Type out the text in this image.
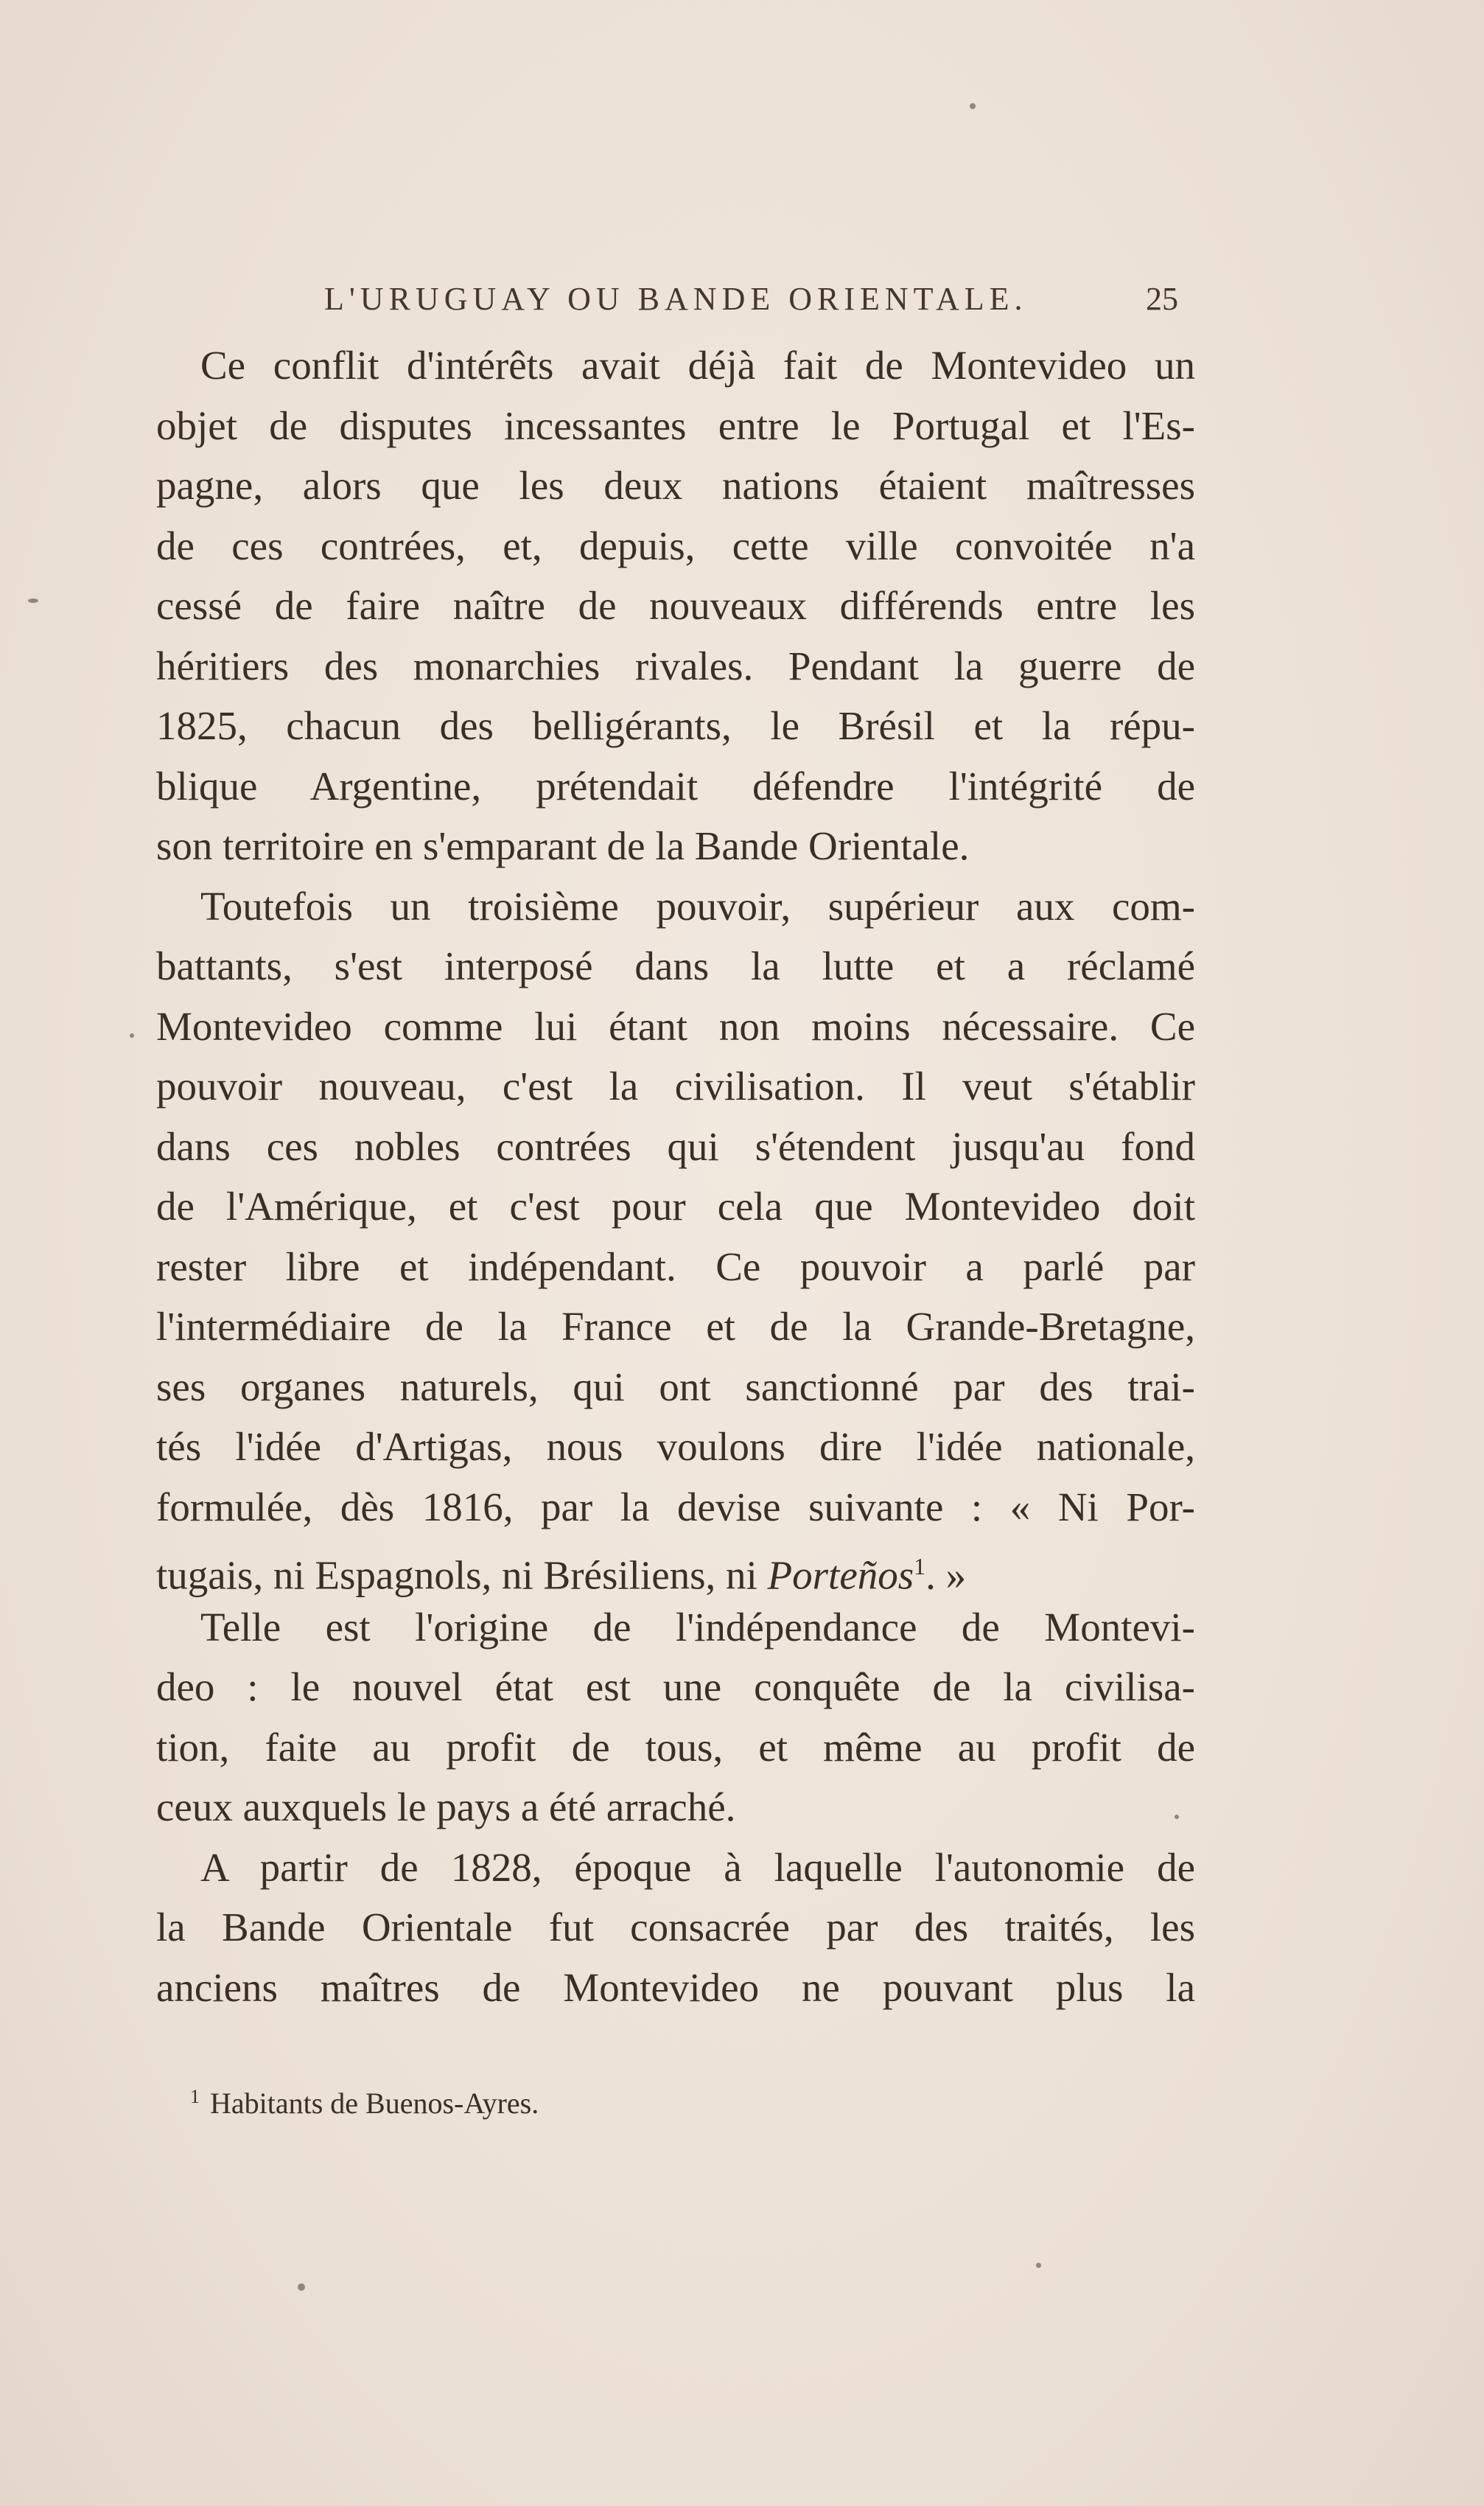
L'URUGUAY OU BANDE ORIENTALE.	25
Ce conflit d'intérêts avait déjà fait de Montevideo un
objet de disputes incessantes entre le Portugal et l'Es-
pagne, alors que les deux nations étaient maîtresses
de ces contrées, et, depuis, cette ville convoitée n'a
cessé de faire naître de nouveaux différends entre les
héritiers des monarchies rivales. Pendant la guerre de
1825, chacun des belligérants, le Brésil et la répu-
blique Argentine, prétendait défendre l'intégrité de
son territoire en s'emparant de la Bande Orientale.
Toutefois un troisième pouvoir, supérieur aux com-
battants, s'est interposé dans la lutte et a réclamé
Montevideo comme lui étant non moins nécessaire. Ce
pouvoir nouveau, c'est la civilisation. Il veut s'établir
dans ces nobles contrées qui s'étendent jusqu'au fond
de l'Amérique, et c'est pour cela que Montevideo doit
rester libre et indépendant. Ce pouvoir a parlé par
l'intermédiaire de la France et de la Grande-Bretagne,
ses organes naturels, qui ont sanctionné par des trai-
tés l'idée d'Artigas, nous voulons dire l'idée nationale,
formulée, dès 1816, par la devise suivante : « Ni Por-
tugais, ni Espagnols, ni Brésiliens, ni Porteños$^1$. »
Telle est l'origine de l'indépendance de Montevi-
deo : le nouvel état est une conquête de la civilisa-
tion, faite au profit de tous, et même au profit de
ceux auxquels le pays a été arraché.
A partir de 1828, époque à laquelle l'autonomie de
la Bande Orientale fut consacrée par des traités, les
anciens maîtres de Montevideo ne pouvant plus la
$^1$ Habitants de Buenos-Ayres.
